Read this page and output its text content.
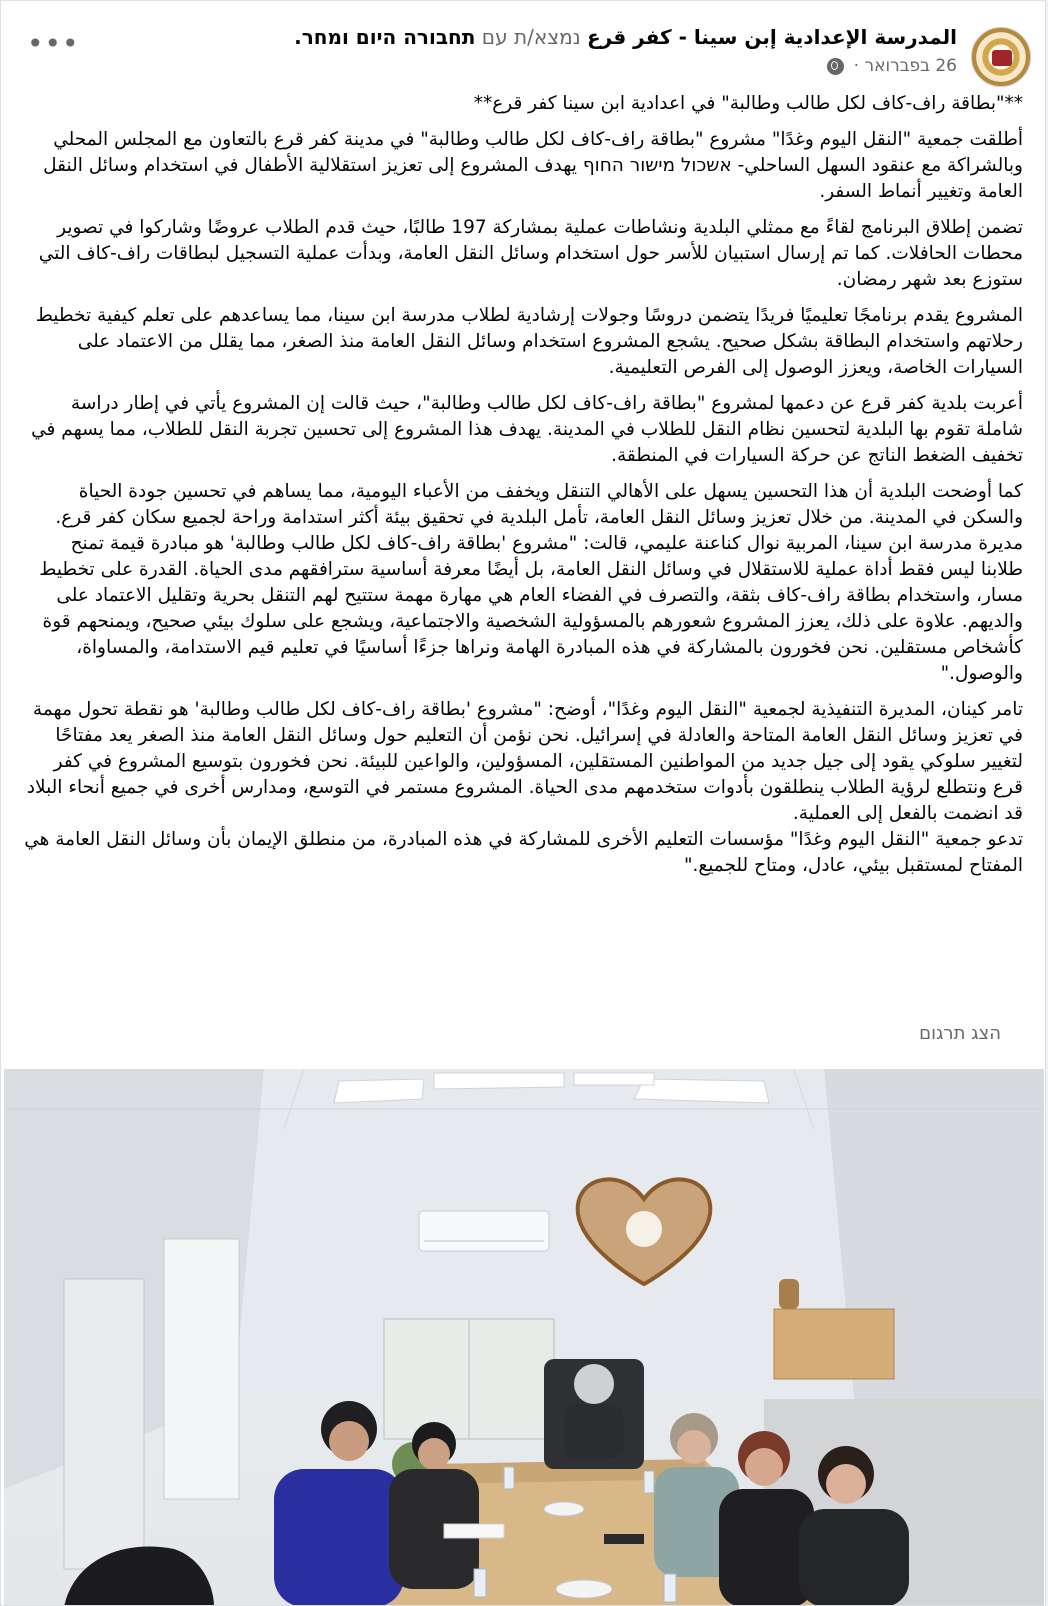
المدرسة الإعدادية إبن سينا - كفر قرع נמצא/ת עם תחבורה היום ומחר.
26 בפברואר ·
•••

**"بطاقة راف-كاف لكل طالب وطالبة" في اعدادية ابن سينا كفر قرع**

أطلقت جمعية "النقل اليوم وغدًا" مشروع "بطاقة راف-كاف لكل طالب وطالبة" في مدينة كفر قرع بالتعاون مع المجلس المحلي وبالشراكة مع عنقود السهل الساحلي- אשכול מישור החוף يهدف المشروع إلى تعزيز استقلالية الأطفال في استخدام وسائل النقل العامة وتغيير أنماط السفر.

تضمن إطلاق البرنامج لقاءً مع ممثلي البلدية ونشاطات عملية بمشاركة 197 طالبًا، حيث قدم الطلاب عروضًا وشاركوا في تصوير محطات الحافلات. كما تم إرسال استبيان للأسر حول استخدام وسائل النقل العامة، وبدأت عملية التسجيل لبطاقات راف-كاف التي ستوزع بعد شهر رمضان.

المشروع يقدم برنامجًا تعليميًا فريدًا يتضمن دروسًا وجولات إرشادية لطلاب مدرسة ابن سينا، مما يساعدهم على تعلم كيفية تخطيط رحلاتهم واستخدام البطاقة بشكل صحيح. يشجع المشروع استخدام وسائل النقل العامة منذ الصغر، مما يقلل من الاعتماد على السيارات الخاصة، ويعزز الوصول إلى الفرص التعليمية.

أعربت بلدية كفر قرع عن دعمها لمشروع "بطاقة راف-كاف لكل طالب وطالبة"، حيث قالت إن المشروع يأتي في إطار دراسة  شاملة تقوم بها البلدية لتحسين نظام النقل للطلاب في المدينة. يهدف هذا المشروع إلى تحسين تجربة النقل للطلاب، مما يسهم في تخفيف الضغط الناتج عن حركة السيارات في المنطقة.

كما أوضحت البلدية أن هذا التحسين يسهل على الأهالي التنقل ويخفف من الأعباء اليومية، مما يساهم في تحسين جودة الحياة والسكن في المدينة. من خلال تعزيز وسائل النقل العامة، تأمل البلدية في تحقيق بيئة أكثر استدامة وراحة لجميع سكان كفر قرع.

مديرة مدرسة ابن سينا، المربية نوال كناعنة عليمي، قالت: "مشروع 'بطاقة راف-كاف لكل طالب وطالبة' هو مبادرة قيمة تمنح طلابنا ليس فقط أداة عملية للاستقلال في وسائل النقل العامة، بل أيضًا معرفة أساسية سترافقهم مدى الحياة. القدرة على تخطيط مسار، واستخدام بطاقة راف-كاف بثقة، والتصرف في الفضاء العام هي مهارة مهمة ستتيح لهم التنقل بحرية وتقليل الاعتماد على والديهم. علاوة على ذلك، يعزز المشروع شعورهم بالمسؤولية الشخصية والاجتماعية، ويشجع على سلوك بيئي صحيح، ويمنحهم قوة كأشخاص مستقلين. نحن فخورون بالمشاركة في هذه المبادرة الهامة ونراها جزءًا أساسيًا في تعليم قيم الاستدامة، والمساواة، والوصول."

تامر كينان، المديرة التنفيذية لجمعية "النقل اليوم وغدًا"، أوضح: "مشروع 'بطاقة راف-كاف لكل طالب وطالبة' هو نقطة تحول مهمة في تعزيز وسائل النقل العامة المتاحة والعادلة في إسرائيل. نحن نؤمن أن التعليم حول وسائل النقل العامة منذ الصغر يعد مفتاحًا لتغيير سلوكي يقود إلى جيل جديد من المواطنين المستقلين، المسؤولين، والواعين للبيئة. نحن فخورون بتوسيع المشروع في كفر قرع ونتطلع لرؤية الطلاب ينطلقون بأدوات ستخدمهم مدى الحياة. المشروع مستمر في التوسع، ومدارس أخرى في جميع أنحاء البلاد قد انضمت بالفعل إلى العملية.
تدعو جمعية "النقل اليوم وغدًا" مؤسسات التعليم الأخرى للمشاركة في هذه المبادرة، من منطلق الإيمان بأن وسائل النقل العامة هي المفتاح لمستقبل بيئي، عادل، ومتاح للجميع."

הצג תרגום
